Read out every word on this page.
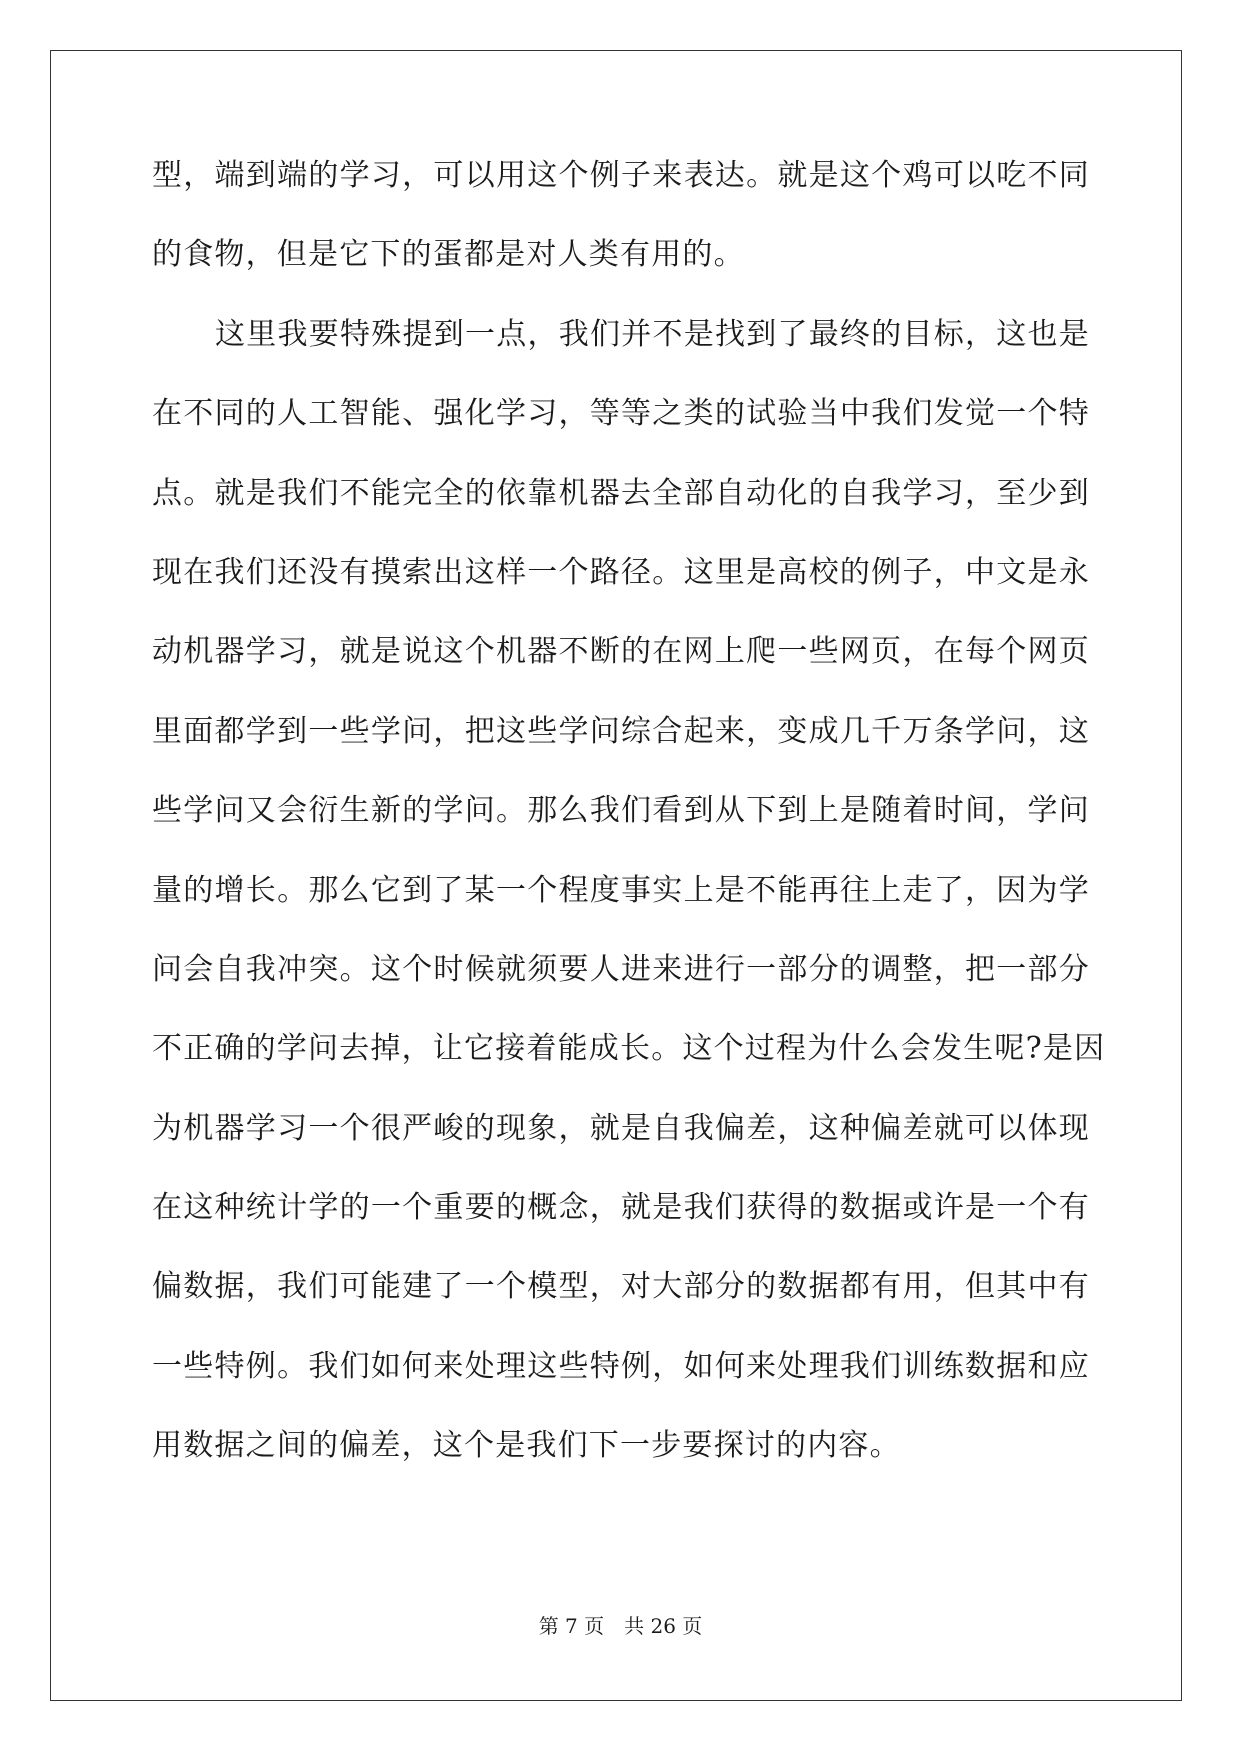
型，端到端的学习，可以用这个例子来表达。就是这个鸡可以吃不同
的食物，但是它下的蛋都是对人类有用的。
这里我要特殊提到一点，我们并不是找到了最终的目标，这也是
在不同的人工智能、强化学习，等等之类的试验当中我们发觉一个特
点。就是我们不能完全的依靠机器去全部自动化的自我学习，至少到
现在我们还没有摸索出这样一个路径。这里是高校的例子，中文是永
动机器学习，就是说这个机器不断的在网上爬一些网页，在每个网页
里面都学到一些学问，把这些学问综合起来，变成几千万条学问，这
些学问又会衍生新的学问。那么我们看到从下到上是随着时间，学问
量的增长。那么它到了某一个程度事实上是不能再往上走了，因为学
问会自我冲突。这个时候就须要人进来进行一部分的调整，把一部分
不正确的学问去掉，让它接着能成长。这个过程为什么会发生呢?是因
为机器学习一个很严峻的现象，就是自我偏差，这种偏差就可以体现
在这种统计学的一个重要的概念，就是我们获得的数据或许是一个有
偏数据，我们可能建了一个模型，对大部分的数据都有用，但其中有
一些特例。我们如何来处理这些特例，如何来处理我们训练数据和应
用数据之间的偏差，这个是我们下一步要探讨的内容。
第 7 页 共 26 页
